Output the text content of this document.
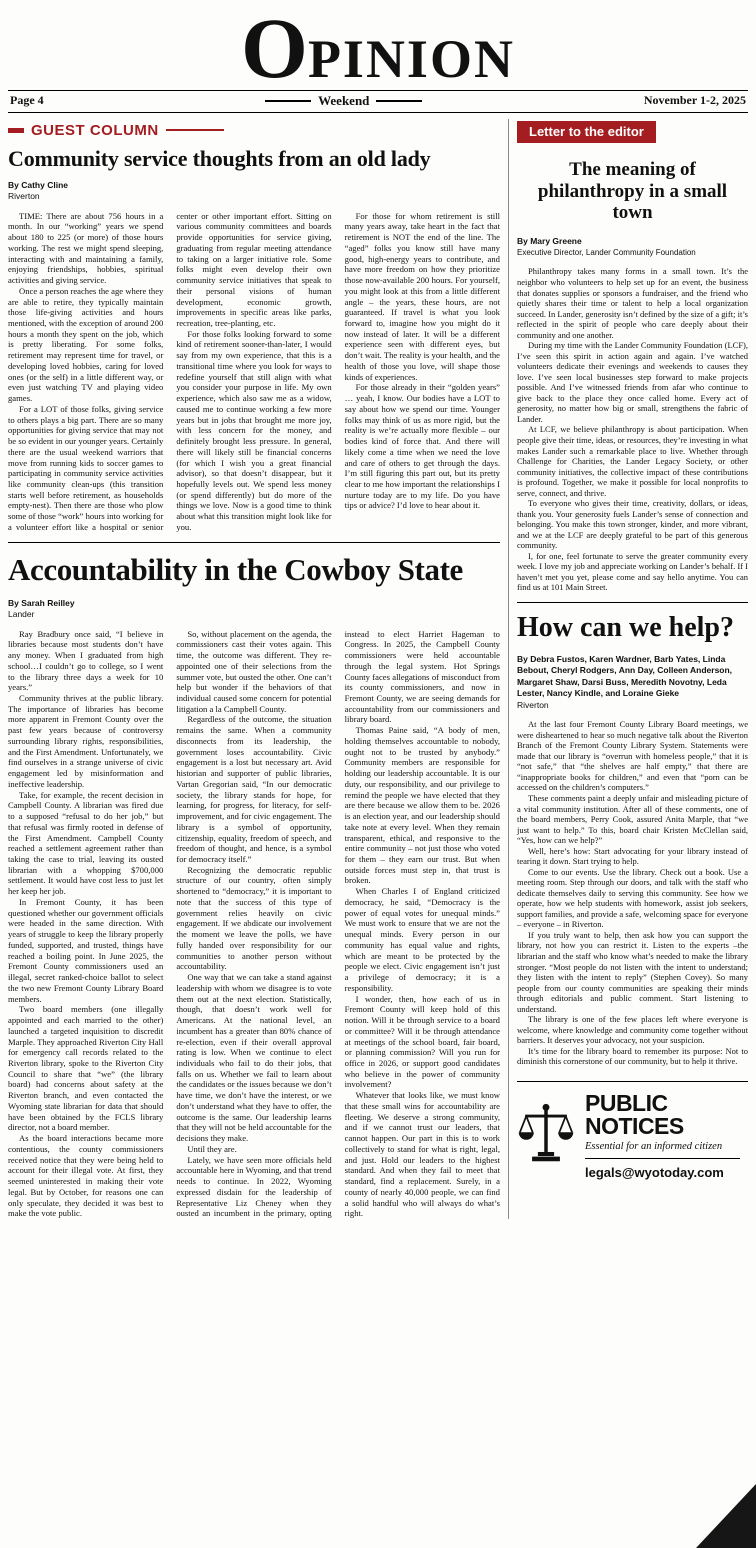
OPINION
Page 4	Weekend	November 1-2, 2025
GUEST COLUMN
Community service thoughts from an old lady
By Cathy Cline
Riverton

TIME: There are about 756 hours in a month. In our “working” years we spend about 180 to 225 (or more) of those hours working. The rest we might spend sleeping, interacting with and maintaining a family, enjoying friendships, hobbies, spiritual activities and giving service.

Once a person reaches the age where they are able to retire, they typically maintain those life-giving activities and hours mentioned, with the exception of around 200 hours a month they spent on the job, which is pretty liberating. For some folks, retirement may represent time for travel, or developing loved hobbies, caring for loved ones (or the self) in a little different way, or even just watching TV and playing video games.

For a LOT of those folks, giving service to others plays a big part. There are so many opportunities for giving service that may not be so evident in our younger years. Certainly there are the usual weekend warriors that move from running kids to soccer games to participating in community service activities like community clean-ups (this transition starts well before retirement, as households empty-nest). Then there are those who plow some of those “work” hours into working for a volunteer effort like a hospital or senior center or other important effort. Sitting on various community committees and boards provide opportunities for service giving, graduating from regular meeting attendance to taking on a larger initiative role. Some folks might even develop their own community service initiatives that speak to their personal visions of human development, economic growth, improvements in specific areas like parks, recreation, tree-planting, etc.

For those folks looking forward to some kind of retirement sooner-than-later, I would say from my own experience, that this is a transitional time where you look for ways to redefine yourself that still align with what you consider your purpose in life. My own experience, which also saw me as a widow, caused me to continue working a few more years but in jobs that brought me more joy, with less concern for the money, and definitely brought less pressure. In general, there will likely still be financial concerns (for which I wish you a great financial advisor), so that doesn’t disappear, but it hopefully levels out. We spend less money (or spend differently) but do more of the things we love. Now is a good time to think about what this transition might look like for you.

For those for whom retirement is still many years away, take heart in the fact that retirement is NOT the end of the line. The “aged” folks you know still have many good, high-energy years to contribute, and have more freedom on how they prioritize those now-available 200 hours. For yourself, you might look at this from a little different angle – the years, these hours, are not guaranteed. If travel is what you look forward to, imagine how you might do it now instead of later. It will be a different experience seen with different eyes, but don’t wait. The reality is your health, and the health of those you love, will shape those kinds of experiences.

For those already in their “golden years” … yeah, I know. Our bodies have a LOT to say about how we spend our time. Younger folks may think of us as more rigid, but the reality is we’re actually more flexible – our bodies kind of force that. And there will likely come a time when we need the love and care of others to get through the days. I’m still figuring this part out, but its pretty clear to me how important the relationships I nurture today are to my life. Do you have tips or advice? I’d love to hear about it.

Accountability in the Cowboy State
By Sarah Reilley
Lander

Ray Bradbury once said, “I believe in libraries because most students don’t have any money. When I graduated from high school…I couldn’t go to college, so I went to the library three days a week for 10 years.”

Community thrives at the public library. The importance of libraries has become more apparent in Fremont County over the past few years because of controversy surrounding library rights, responsibilities, and the First Amendment. Unfortunately, we find ourselves in a strange universe of civic engagement led by misinformation and ineffective leadership.

Take, for example, the recent decision in Campbell County. A librarian was fired due to a supposed “refusal to do her job,” but that refusal was firmly rooted in defense of the First Amendment. Campbell County reached a settlement agreement rather than taking the case to trial, leaving its ousted librarian with a whopping $700,000 settlement. It would have cost less to just let her keep her job.

In Fremont County, it has been questioned whether our government officials were headed in the same direction. With years of struggle to keep the library properly funded, supported, and trusted, things have reached a boiling point. In June 2025, the Fremont County commissioners used an illegal, secret ranked-choice ballot to select the two new Fremont County Library Board members.

Two board members (one illegally appointed and each married to the other) launched a targeted inquisition to discredit Marple. They approached Riverton City Hall for emergency call records related to the Riverton library, spoke to the Riverton City Council to share that “we” (the library board) had concerns about safety at the Riverton branch, and even contacted the Wyoming state librarian for data that should have been obtained by the FCLS library director, not a board member.

As the board interactions became more contentious, the county commissioners received notice that they were being held to account for their illegal vote. At first, they seemed uninterested in making their vote legal. But by October, for reasons one can only speculate, they decided it was best to make the vote public.

So, without placement on the agenda, the commissioners cast their votes again. This time, the outcome was different. They re-appointed one of their selections from the summer vote, but ousted the other. One can’t help but wonder if the behaviors of that individual caused some concern for potential litigation a la Campbell County.

Regardless of the outcome, the situation remains the same. When a community disconnects from its leadership, the government loses accountability. Civic engagement is a lost but necessary art. Avid historian and supporter of public libraries, Vartan Gregorian said, “In our democratic society, the library stands for hope, for learning, for progress, for literacy, for self-improvement, and for civic engagement. The library is a symbol of opportunity, citizenship, equality, freedom of speech, and freedom of thought, and hence, is a symbol for democracy itself.”

Recognizing the democratic republic structure of our country, often simply shortened to “democracy,” it is important to note that the success of this type of government relies heavily on civic engagement. If we abdicate our involvement the moment we leave the polls, we have fully handed over responsibility for our communities to another person without accountability.

One way that we can take a stand against leadership with whom we disagree is to vote them out at the next election. Statistically, though, that doesn’t work well for Americans. At the national level, an incumbent has a greater than 80% chance of re-election, even if their overall approval rating is low. When we continue to elect individuals who fail to do their jobs, that falls on us. Whether we fail to learn about the candidates or the issues because we don’t have time, we don’t have the interest, or we don’t understand what they have to offer, the outcome is the same. Our leadership learns that they will not be held accountable for the decisions they make.

Until they are.

Lately, we have seen more officials held accountable here in Wyoming, and that trend needs to continue. In 2022, Wyoming expressed disdain for the leadership of Representative Liz Cheney when they ousted an incumbent in the primary, opting instead to elect Harriet Hageman to Congress. In 2025, the Campbell County commissioners were held accountable through the legal system. Hot Springs County faces allegations of misconduct from its county commissioners, and now in Fremont County, we are seeing demands for accountability from our commissioners and library board.

Thomas Paine said, “A body of men, holding themselves accountable to nobody, ought not to be trusted by anybody.” Community members are responsible for holding our leadership accountable. It is our duty, our responsibility, and our privilege to remind the people we have elected that they are there because we allow them to be. 2026 is an election year, and our leadership should take note at every level. When they remain transparent, ethical, and responsive to the entire community – not just those who voted for them – they earn our trust. But when outside forces must step in, that trust is broken.

When Charles I of England criticized democracy, he said, “Democracy is the power of equal votes for unequal minds.” We must work to ensure that we are not the unequal minds. Every person in our community has equal value and rights, which are meant to be protected by the people we elect. Civic engagement isn’t just a privilege of democracy; it is a responsibility.

I wonder, then, how each of us in Fremont County will keep hold of this notion. Will it be through service to a board or committee? Will it be through attendance at meetings of the school board, fair board, or planning commission? Will you run for office in 2026, or support good candidates who believe in the power of community involvement?

Whatever that looks like, we must know that these small wins for accountability are fleeting. We deserve a strong community, and if we cannot trust our leaders, that cannot happen. Our part in this is to work collectively to stand for what is right, legal, and just. Hold our leaders to the highest standard. And when they fail to meet that standard, find a replacement. Surely, in a county of nearly 40,000 people, we can find a solid handful who will always do what’s right.

Letter to the editor
The meaning of philanthropy in a small town
By Mary Greene
Executive Director, Lander Community Foundation

Philanthropy takes many forms in a small town. It’s the neighbor who volunteers to help set up for an event, the business that donates supplies or sponsors a fundraiser, and the friend who quietly shares their time or talent to help a local organization succeed. In Lander, generosity isn’t defined by the size of a gift; it’s reflected in the spirit of people who care deeply about their community and one another.

During my time with the Lander Community Foundation (LCF), I’ve seen this spirit in action again and again. I’ve watched volunteers dedicate their evenings and weekends to causes they love. I’ve seen local businesses step forward to make projects possible. And I’ve witnessed friends from afar who continue to give back to the place they once called home. Every act of generosity, no matter how big or small, strengthens the fabric of Lander.

At LCF, we believe philanthropy is about participation. When people give their time, ideas, or resources, they’re investing in what makes Lander such a remarkable place to live. Whether through Challenge for Charities, the Lander Legacy Society, or other community initiatives, the collective impact of these contributions is profound. Together, we make it possible for local nonprofits to serve, connect, and thrive.

To everyone who gives their time, creativity, dollars, or ideas, thank you. Your generosity fuels Lander’s sense of connection and belonging. You make this town stronger, kinder, and more vibrant, and we at the LCF are deeply grateful to be part of this generous community.

I, for one, feel fortunate to serve the greater community every week. I love my job and appreciate working on Lander’s behalf. If I haven’t met you yet, please come and say hello anytime. You can find us at 101 Main Street.

How can we help?
By Debra Fustos, Karen Wardner, Barb Yates, Linda Bebout, Cheryl Rodgers, Ann Day, Colleen Anderson, Margaret Shaw, Darsi Buss, Meredith Novotny, Leda Lester, Nancy Kindle, and Loraine Gieke
Riverton

At the last four Fremont County Library Board meetings, we were disheartened to hear so much negative talk about the Riverton Branch of the Fremont County Library System. Statements were made that our library is “overrun with homeless people,” that it is “not safe,” that “the shelves are half empty,” that there are “inappropriate books for children,” and even that “porn can be accessed on the children’s computers.”

These comments paint a deeply unfair and misleading picture of a vital community institution. After all of these comments, one of the board members, Perry Cook, assured Anita Marple, that “we just want to help.” To this, board chair Kristen McClellan said, “Yes, how can we help?”

Well, here’s how: Start advocating for your library instead of tearing it down. Start trying to help.

Come to our events. Use the library. Check out a book. Use a meeting room. Step through our doors, and talk with the staff who dedicate themselves daily to serving this community. See how we operate, how we help students with homework, assist job seekers, support families, and provide a safe, welcoming space for everyone – everyone – in Riverton.

If you truly want to help, then ask how you can support the library, not how you can restrict it. Listen to the experts –the librarian and the staff who know what’s needed to make the library stronger. “Most people do not listen with the intent to understand; they listen with the intent to reply” (Stephen Covey). So many people from our county communities are speaking their minds through editorials and public comment. Start listening to understand.

The library is one of the few places left where everyone is welcome, where knowledge and community come together without barriers. It deserves your advocacy, not your suspicion.

It’s time for the library board to remember its purpose: Not to diminish this cornerstone of our community, but to help it thrive.

PUBLIC NOTICES
Essential for an informed citizen
legals@wyotoday.com
